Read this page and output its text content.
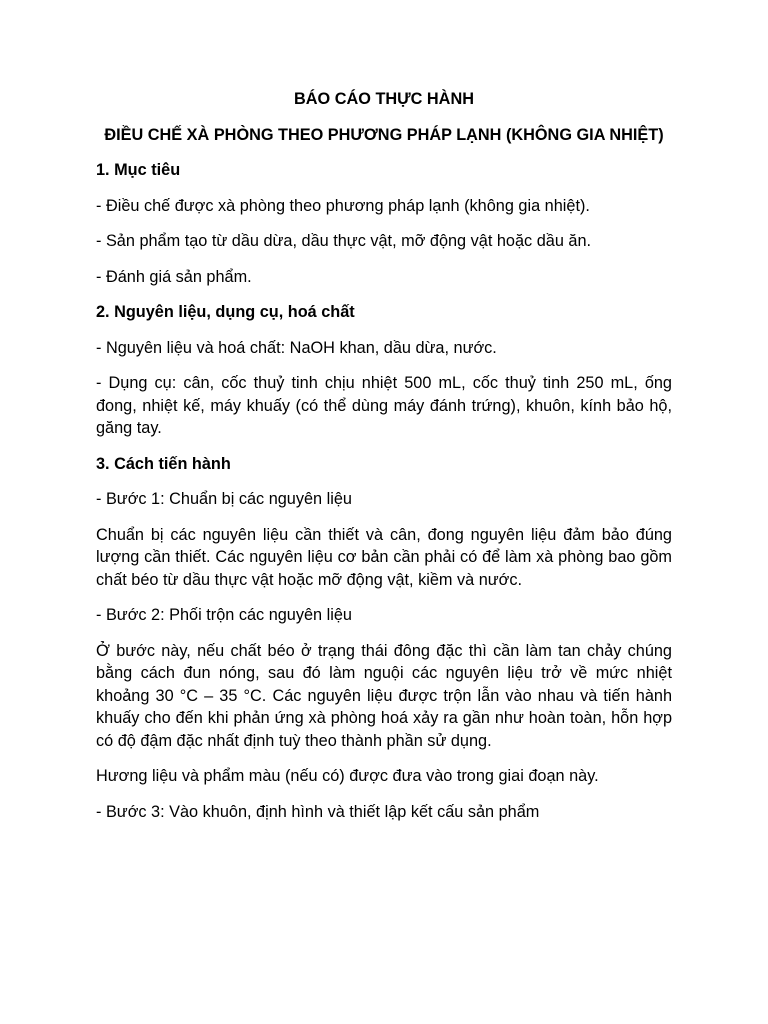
BÁO CÁO THỰC HÀNH

ĐIỀU CHẾ XÀ PHÒNG THEO PHƯƠNG PHÁP LẠNH (KHÔNG GIA NHIỆT)

1. Mục tiêu

- Điều chế được xà phòng theo phương pháp lạnh (không gia nhiệt).

- Sản phẩm tạo từ dầu dừa, dầu thực vật, mỡ động vật hoặc dầu ăn.

- Đánh giá sản phẩm.

2. Nguyên liệu, dụng cụ, hoá chất

- Nguyên liệu và hoá chất: NaOH khan, dầu dừa, nước.

- Dụng cụ: cân, cốc thuỷ tinh chịu nhiệt 500 mL, cốc thuỷ tinh 250 mL, ống đong, nhiệt kế, máy khuấy (có thể dùng máy đánh trứng), khuôn, kính bảo hộ, găng tay.

3. Cách tiến hành

- Bước 1: Chuẩn bị các nguyên liệu

Chuẩn bị các nguyên liệu cần thiết và cân, đong nguyên liệu đảm bảo đúng lượng cần thiết. Các nguyên liệu cơ bản cần phải có để làm xà phòng bao gồm chất béo từ dầu thực vật hoặc mỡ động vật, kiềm và nước.

- Bước 2: Phối trộn các nguyên liệu

Ở bước này, nếu chất béo ở trạng thái đông đặc thì cần làm tan chảy chúng bằng cách đun nóng, sau đó làm nguội các nguyên liệu trở về mức nhiệt khoảng 30 °C – 35 °C. Các nguyên liệu được trộn lẫn vào nhau và tiến hành khuấy cho đến khi phản ứng xà phòng hoá xảy ra gần như hoàn toàn, hỗn hợp có độ đậm đặc nhất định tuỳ theo thành phần sử dụng.

Hương liệu và phẩm màu (nếu có) được đưa vào trong giai đoạn này.

- Bước 3: Vào khuôn, định hình và thiết lập kết cấu sản phẩm
